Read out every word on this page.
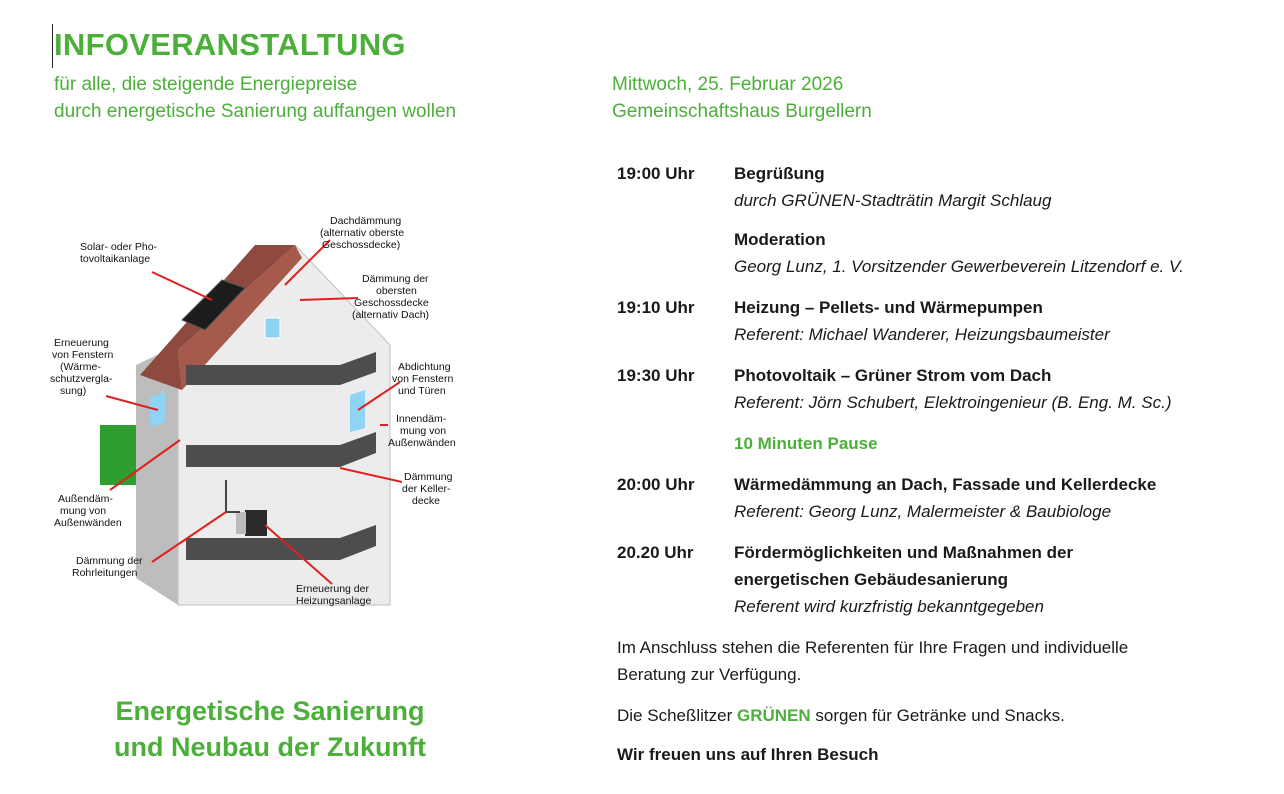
INFOVERANSTALTUNG
für alle, die steigende Energiepreise
durch energetische Sanierung auffangen wollen
Mittwoch, 25. Februar 2026
Gemeinschaftshaus Burgellern
Solar- oder Pho-tovoltaikanlage
Dachdämmung (alternativ oberste Geschossdecke)
Dämmung der obersten Geschossdecke (alternativ Dach)
Erneuerung von Fenstern (Wärme-schutzvergla-sung)
Abdichtung von Fenstern und Türen
Innendäm-mung von Außenwänden
Dämmung der Keller-decke
Außendäm-mung von Außenwänden
Dämmung der Rohrleitungen
Erneuerung der Heizungsanlage
Energetische Sanierung
und Neubau der Zukunft
19:00 Uhr	Begrüßung
durch GRÜNEN-Stadträtin Margit Schlaug
Moderation
Georg Lunz, 1. Vorsitzender Gewerbeverein Litzendorf e. V.
19:10 Uhr	Heizung – Pellets- und Wärmepumpen
Referent: Michael Wanderer, Heizungsbaumeister
19:30 Uhr	Photovoltaik – Grüner Strom vom Dach
Referent: Jörn Schubert, Elektroingenieur (B. Eng. M. Sc.)
10 Minuten Pause
20:00 Uhr	Wärmedämmung an Dach, Fassade und Kellerdecke
Referent: Georg Lunz, Malermeister & Baubiologe
20.20 Uhr	Fördermöglichkeiten und Maßnahmen der
energetischen Gebäudesanierung
Referent wird kurzfristig bekanntgegeben
Im Anschluss stehen die Referenten für Ihre Fragen und individuelle
Beratung zur Verfügung.
Die Scheßlitzer GRÜNEN sorgen für Getränke und Snacks.
Wir freuen uns auf Ihren Besuch
